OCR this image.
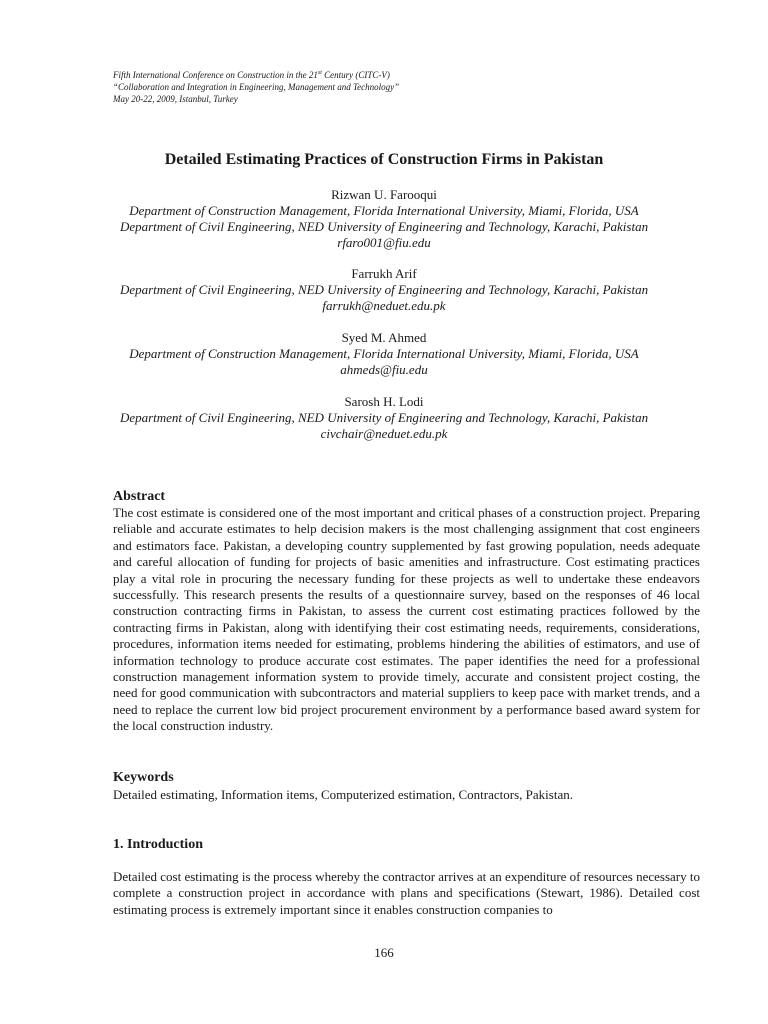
Fifth International Conference on Construction in the 21st Century (CITC-V)
“Collaboration and Integration in Engineering, Management and Technology”
May 20-22, 2009, Istanbul, Turkey
Detailed Estimating Practices of Construction Firms in Pakistan
Rizwan U. Farooqui
Department of Construction Management, Florida International University, Miami, Florida, USA
Department of Civil Engineering, NED University of Engineering and Technology, Karachi, Pakistan
rfaro001@fiu.edu
Farrukh Arif
Department of Civil Engineering, NED University of Engineering and Technology, Karachi, Pakistan
farrukh@neduet.edu.pk
Syed M. Ahmed
Department of Construction Management, Florida International University, Miami, Florida, USA
ahmeds@fiu.edu
Sarosh H. Lodi
Department of Civil Engineering, NED University of Engineering and Technology, Karachi, Pakistan
civchair@neduet.edu.pk
Abstract
The cost estimate is considered one of the most important and critical phases of a construction project. Preparing reliable and accurate estimates to help decision makers is the most challenging assignment that cost engineers and estimators face. Pakistan, a developing country supplemented by fast growing population, needs adequate and careful allocation of funding for projects of basic amenities and infrastructure. Cost estimating practices play a vital role in procuring the necessary funding for these projects as well to undertake these endeavors successfully. This research presents the results of a questionnaire survey, based on the responses of 46 local construction contracting firms in Pakistan, to assess the current cost estimating practices followed by the contracting firms in Pakistan, along with identifying their cost estimating needs, requirements, considerations, procedures, information items needed for estimating, problems hindering the abilities of estimators, and use of information technology to produce accurate cost estimates. The paper identifies the need for a professional construction management information system to provide timely, accurate and consistent project costing, the need for good communication with subcontractors and material suppliers to keep pace with market trends, and a need to replace the current low bid project procurement environment by a performance based award system for the local construction industry.
Keywords
Detailed estimating, Information items, Computerized estimation, Contractors, Pakistan.
1. Introduction
Detailed cost estimating is the process whereby the contractor arrives at an expenditure of resources necessary to complete a construction project in accordance with plans and specifications (Stewart, 1986). Detailed cost estimating process is extremely important since it enables construction companies to
166
